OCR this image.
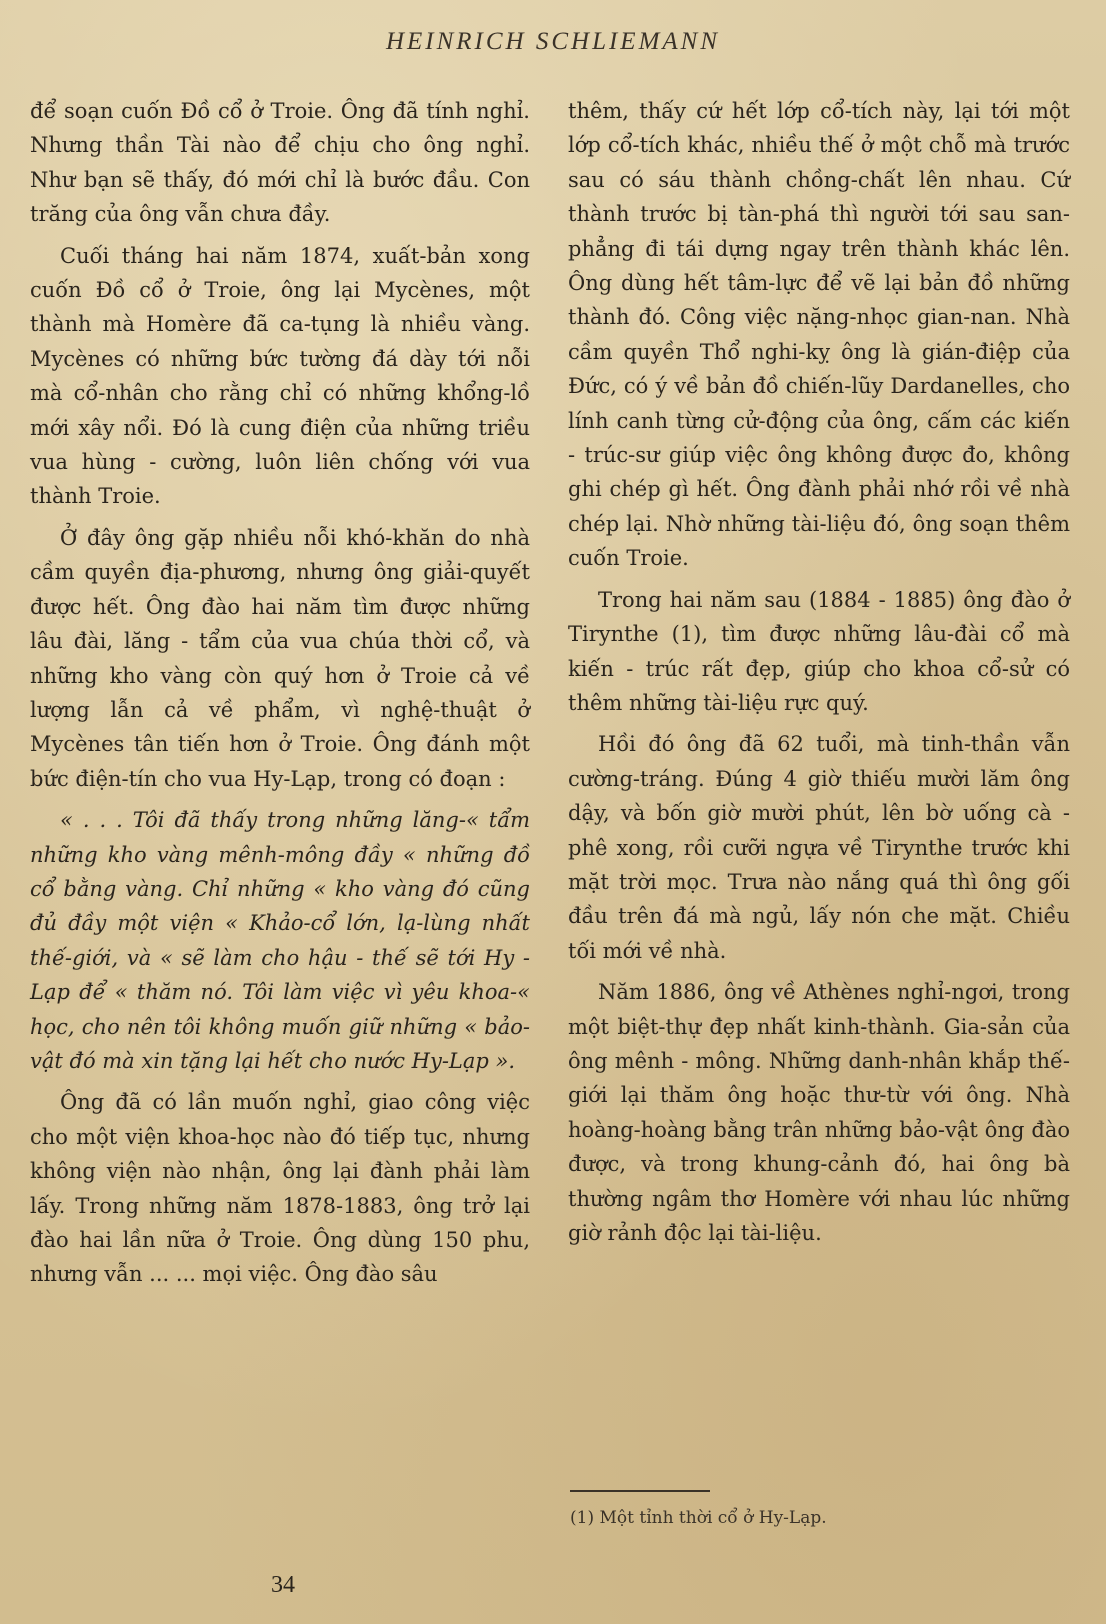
HEINRICH SCHLIEMANN

để soạn cuốn Đồ cổ ở Troie. Ông đã tính nghỉ. Nhưng thần Tài nào để chịu cho ông nghỉ. Như bạn sẽ thấy, đó mới chỉ là bước đầu. Con trăng của ông vẫn chưa đầy.

Cuối tháng hai năm 1874, xuất-bản xong cuốn Đồ cổ ở Troie, ông lại Mycènes, một thành mà Homère đã ca-tụng là nhiều vàng. Mycènes có những bức tường đá dày tới nỗi mà cổ-nhân cho rằng chỉ có những khổng-lồ mới xây nổi. Đó là cung điện của những triều vua hùng - cường, luôn liên chống với vua thành Troie.

Ở đây ông gặp nhiều nỗi khó-khăn do nhà cầm quyền địa-phương, nhưng ông giải-quyết được hết. Ông đào hai năm tìm được những lâu đài, lăng - tẩm của vua chúa thời cổ, và những kho vàng còn quý hơn ở Troie cả về lượng lẫn cả về phẩm, vì nghệ-thuật ở Mycènes tân tiến hơn ở Troie. Ông đánh một bức điện-tín cho vua Hy-Lạp, trong có đoạn :

« . . . Tôi đã thấy trong những lăng-« tẩm những kho vàng mênh-mông đầy « những đồ cổ bằng vàng. Chỉ những « kho vàng đó cũng đủ đầy một viện « Khảo-cổ lớn, lạ-lùng nhất thế-giới, và « sẽ làm cho hậu - thế sẽ tới Hy - Lạp để « thăm nó. Tôi làm việc vì yêu khoa-« học, cho nên tôi không muốn giữ những « bảo-vật đó mà xin tặng lại hết cho nước Hy-Lạp ».

Ông đã có lần muốn nghỉ, giao công việc cho một viện khoa-học nào đó tiếp tục, nhưng không viện nào nhận, ông lại đành phải làm lấy. Trong những năm 1878-1883, ông trở lại đào hai lần nữa ở Troie. Ông dùng 150 phu, nhưng vẫn ... ... mọi việc. Ông đào sâu

thêm, thấy cứ hết lớp cổ-tích này, lại tới một lớp cổ-tích khác, nhiều thế ở một chỗ mà trước sau có sáu thành chồng-chất lên nhau. Cứ thành trước bị tàn-phá thì người tới sau san-phẳng đi tái dựng ngay trên thành khác lên. Ông dùng hết tâm-lực để vẽ lại bản đồ những thành đó. Công việc nặng-nhọc gian-nan. Nhà cầm quyền Thổ nghi-kỵ ông là gián-điệp của Đức, có ý về bản đồ chiến-lũy Dardanelles, cho lính canh từng cử-động của ông, cấm các kiến - trúc-sư giúp việc ông không được đo, không ghi chép gì hết. Ông đành phải nhớ rồi về nhà chép lại. Nhờ những tài-liệu đó, ông soạn thêm cuốn Troie.

Trong hai năm sau (1884 - 1885) ông đào ở Tirynthe (1), tìm được những lâu-đài cổ mà kiến - trúc rất đẹp, giúp cho khoa cổ-sử có thêm những tài-liệu rực quý.

Hồi đó ông đã 62 tuổi, mà tinh-thần vẫn cường-tráng. Đúng 4 giờ thiếu mười lăm ông dậy, và bốn giờ mười phút, lên bờ uống cà - phê xong, rồi cưỡi ngựa về Tirynthe trước khi mặt trời mọc. Trưa nào nắng quá thì ông gối đầu trên đá mà ngủ, lấy nón che mặt. Chiều tối mới về nhà.

Năm 1886, ông về Athènes nghỉ-ngơi, trong một biệt-thự đẹp nhất kinh-thành. Gia-sản của ông mênh - mông. Những danh-nhân khắp thế-giới lại thăm ông hoặc thư-từ với ông. Nhà hoàng-hoàng bằng trân những bảo-vật ông đào được, và trong khung-cảnh đó, hai ông bà thường ngâm thơ Homère với nhau lúc những giờ rảnh độc lại tài-liệu.

(1) Một tỉnh thời cổ ở Hy-Lạp.
34
